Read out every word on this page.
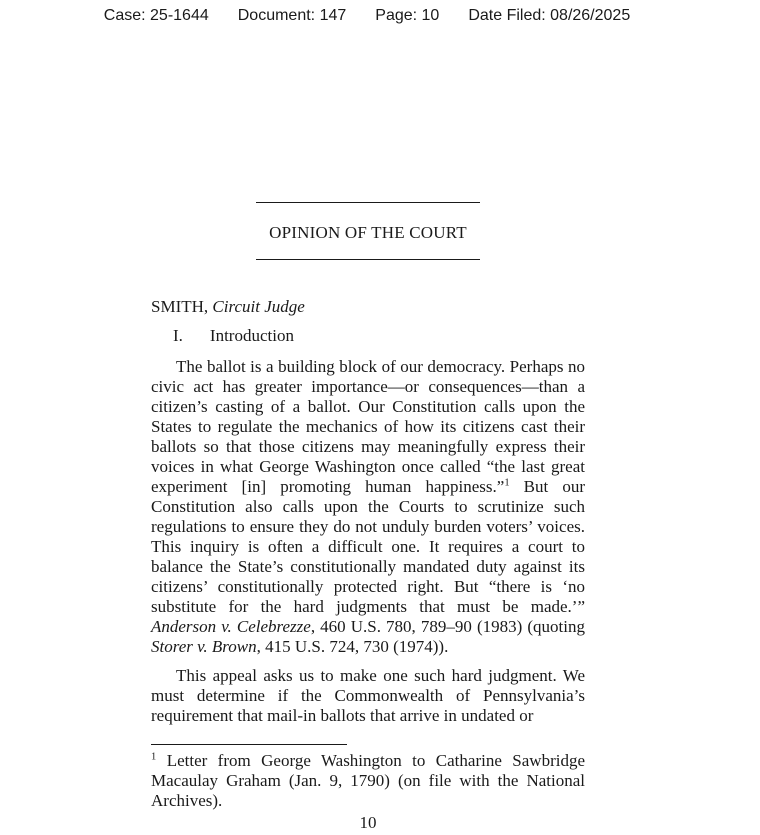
Case: 25-1644 Document: 147 Page: 10 Date Filed: 08/26/2025
OPINION OF THE COURT
SMITH, Circuit Judge
I. Introduction

The ballot is a building block of our democracy. Perhaps no civic act has greater importance—or consequences—than a citizen’s casting of a ballot. Our Constitution calls upon the States to regulate the mechanics of how its citizens cast their ballots so that those citizens may meaningfully express their voices in what George Washington once called “the last great experiment [in] promoting human happiness.”$^1$ But our Constitution also calls upon the Courts to scrutinize such regulations to ensure they do not unduly burden voters’ voices. This inquiry is often a difficult one. It requires a court to balance the State’s constitutionally mandated duty against its citizens’ constitutionally protected right. But “there is ‘no substitute for the hard judgments that must be made.’” Anderson v. Celebrezze, 460 U.S. 780, 789–90 (1983) (quoting Storer v. Brown, 415 U.S. 724, 730 (1974)).

This appeal asks us to make one such hard judgment. We must determine if the Commonwealth of Pennsylvania’s requirement that mail-in ballots that arrive in undated or

$^1$ Letter from George Washington to Catharine Sawbridge Macaulay Graham (Jan. 9, 1790) (on file with the National Archives).

10
